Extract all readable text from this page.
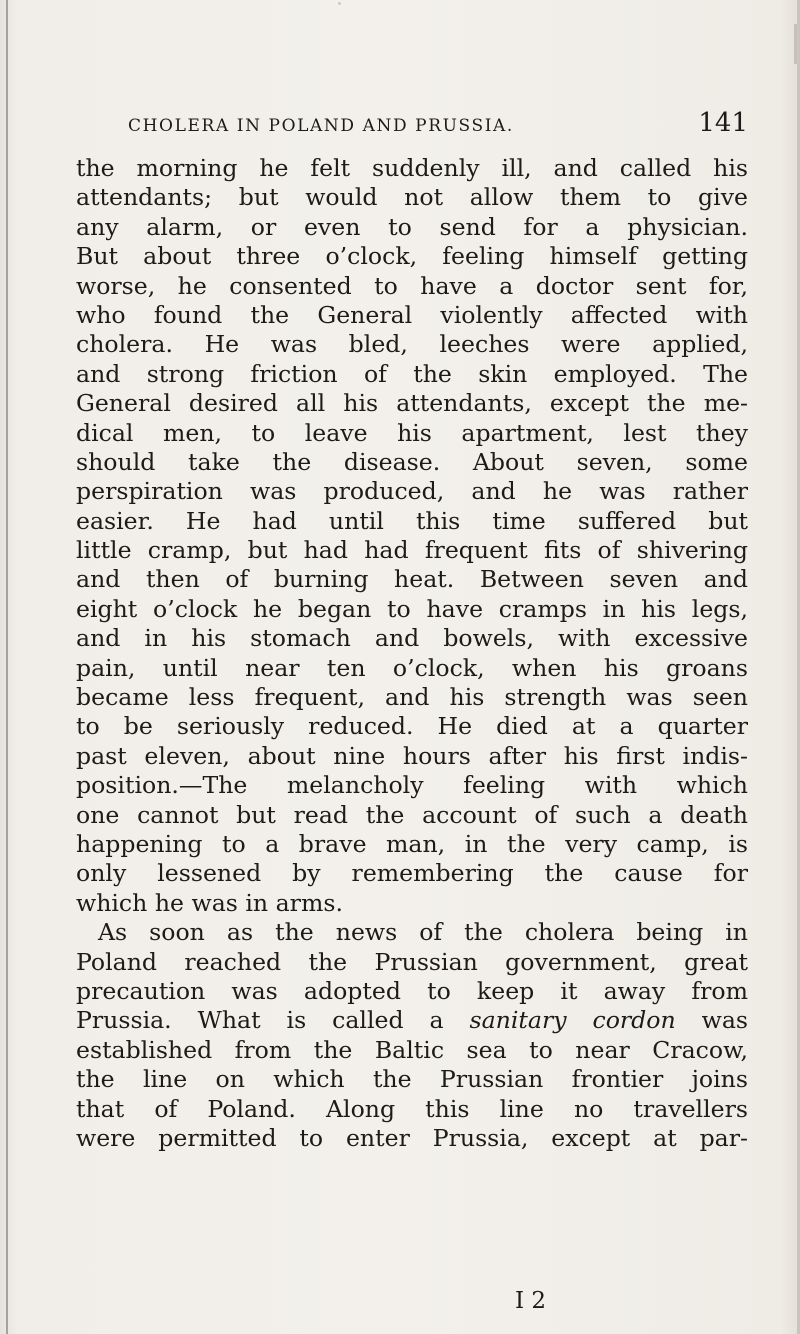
CHOLERA IN POLAND AND PRUSSIA.	141
the morning he felt suddenly ill, and called his
attendants; but would not allow them to give
any alarm, or even to send for a physician.
But about three o’clock, feeling himself getting
worse, he consented to have a doctor sent for,
who found the General violently affected with
cholera. He was bled, leeches were applied,
and strong friction of the skin employed. The
General desired all his attendants, except the me-
dical men, to leave his apartment, lest they
should take the disease. About seven, some
perspiration was produced, and he was rather
easier. He had until this time suffered but
little cramp, but had had frequent fits of shivering
and then of burning heat. Between seven and
eight o’clock he began to have cramps in his legs,
and in his stomach and bowels, with excessive
pain, until near ten o’clock, when his groans
became less frequent, and his strength was seen
to be seriously reduced. He died at a quarter
past eleven, about nine hours after his first indis-
position.—The melancholy feeling with which
one cannot but read the account of such a death
happening to a brave man, in the very camp, is
only lessened by remembering the cause for
which he was in arms.
As soon as the news of the cholera being in
Poland reached the Prussian government, great
precaution was adopted to keep it away from
Prussia. What is called a sanitary cordon was
established from the Baltic sea to near Cracow,
the line on which the Prussian frontier joins
that of Poland. Along this line no travellers
were permitted to enter Prussia, except at par-
I 2
